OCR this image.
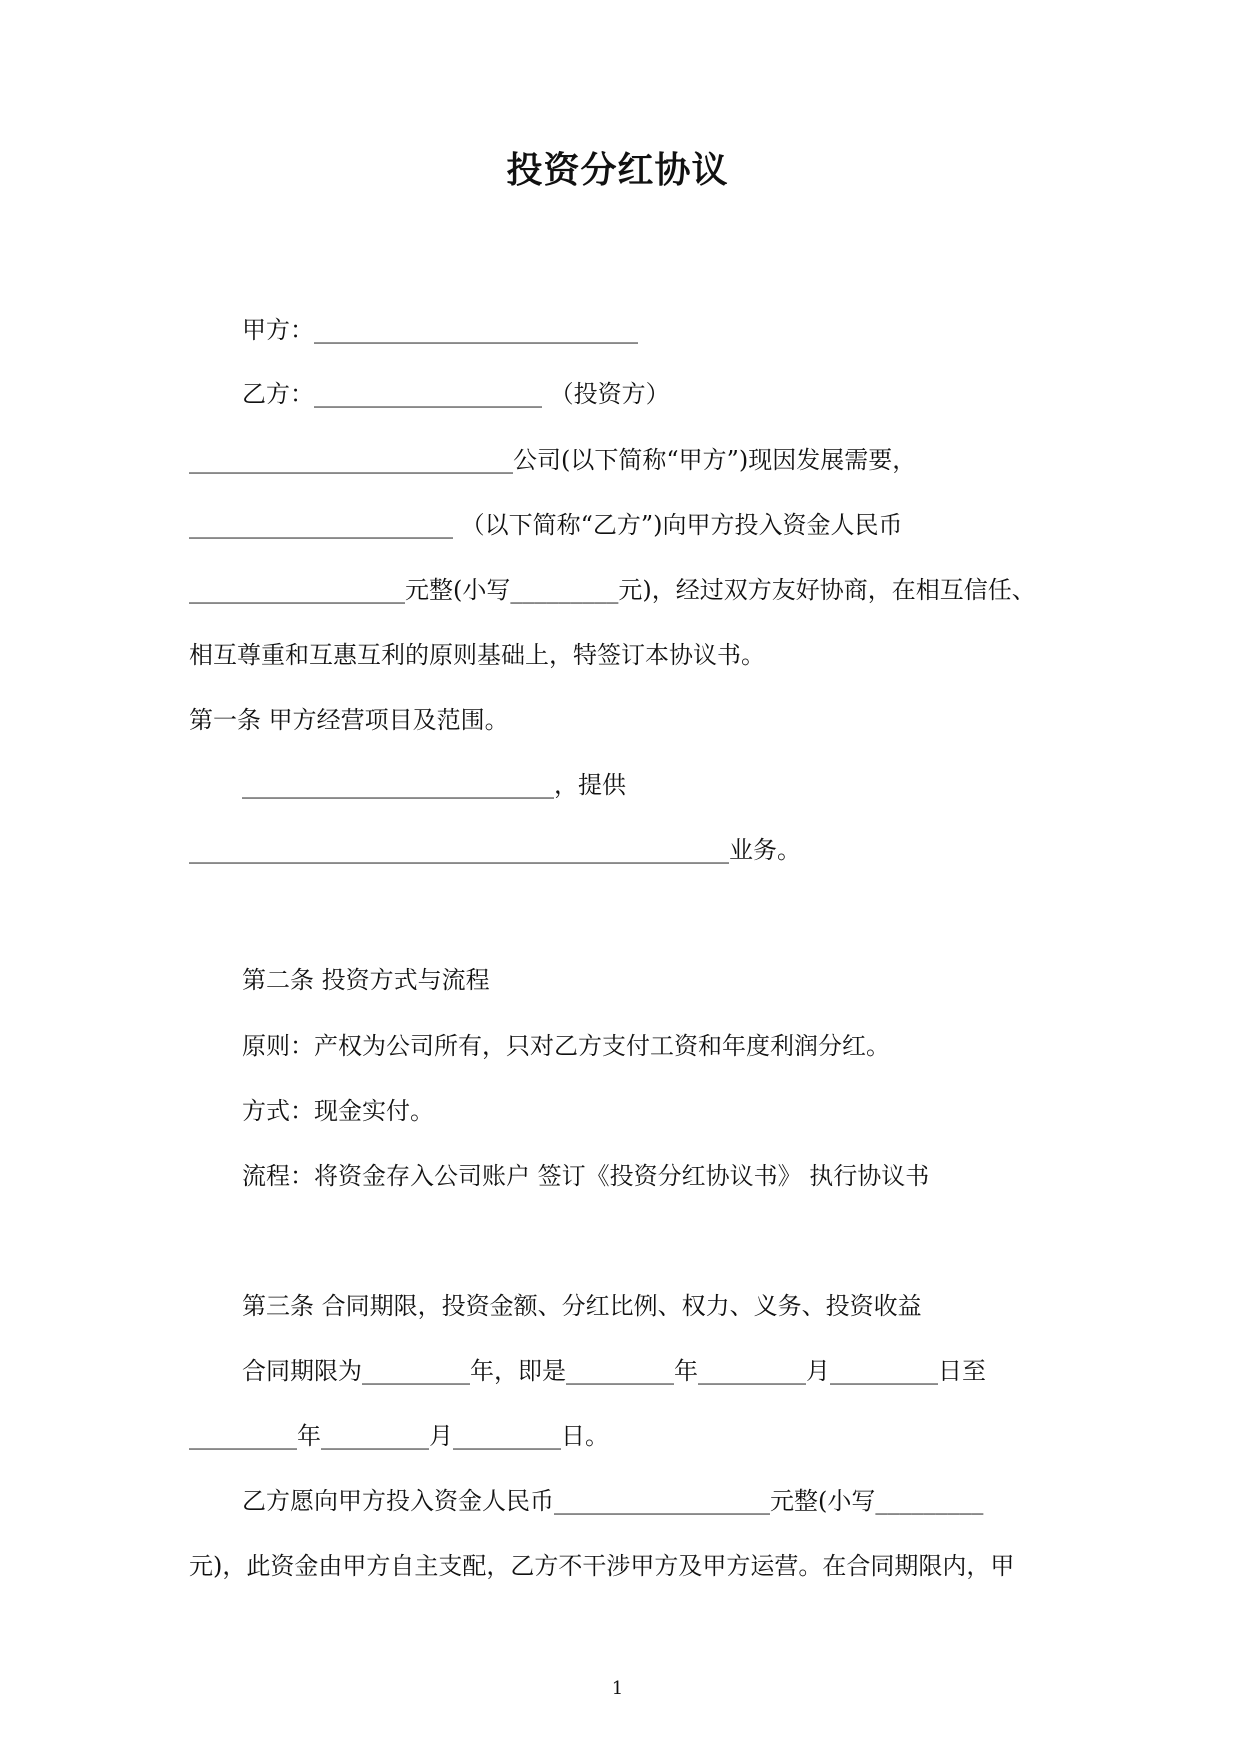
投资分红协议
甲方：___________________________
乙方：___________________ （投资方）
___________________________公司(以下简称“甲方”)现因发展需要，
______________________ （以下简称“乙方”)向甲方投入资金人民币
__________________元整(小写_________元)，经过双方友好协商，在相互信任、
相互尊重和互惠互利的原则基础上，特签订本协议书。
第一条 甲方经营项目及范围。
__________________________，提供
_____________________________________________业务。
第二条 投资方式与流程
原则：产权为公司所有，只对乙方支付工资和年度利润分红。
方式：现金实付。
流程：将资金存入公司账户 签订《投资分红协议书》 执行协议书
第三条 合同期限，投资金额、分红比例、权力、义务、投资收益
合同期限为_________年，即是_________年_________月_________日至
_________年_________月_________日。
乙方愿向甲方投入资金人民币__________________元整(小写_________
元)，此资金由甲方自主支配，乙方不干涉甲方及甲方运营。在合同期限内，甲
1
